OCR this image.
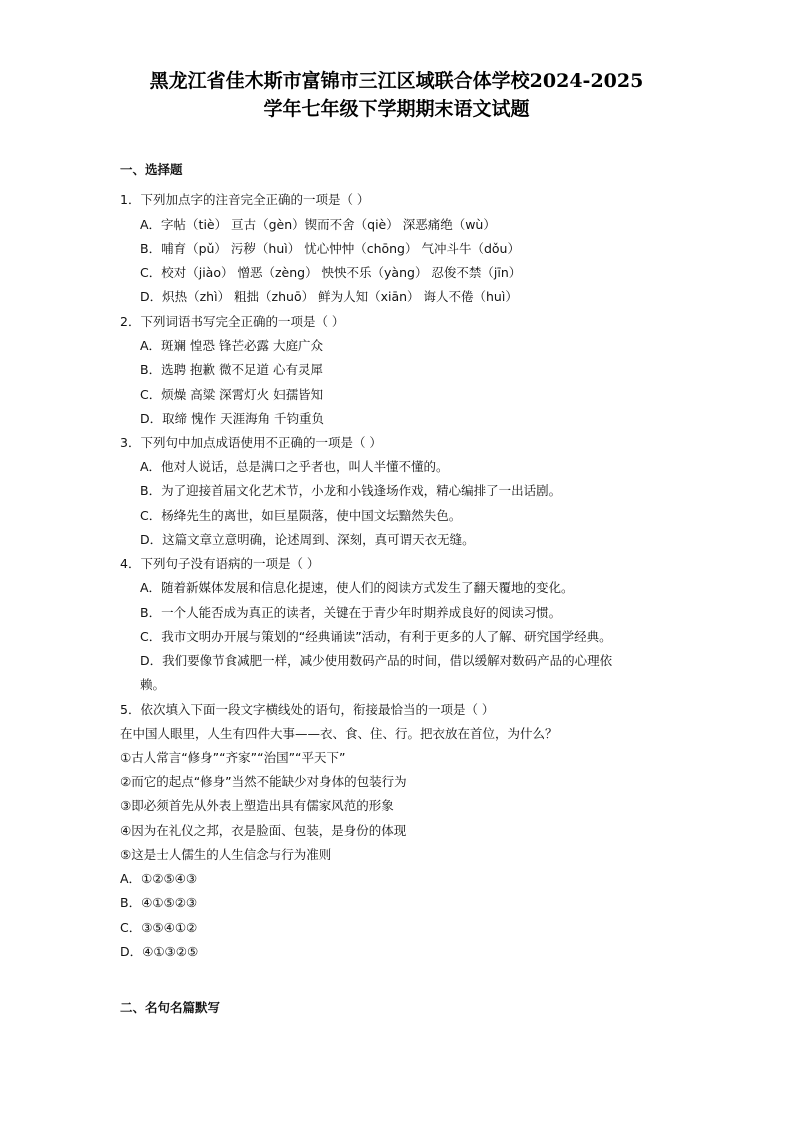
黑龙江省佳木斯市富锦市三江区域联合体学校2024-2025
学年七年级下学期期末语文试题
一、选择题
1．下列加点字的注音完全正确的一项是（ ）
A．字帖（tiè） 亘古（gèn）锲而不舍（qiè） 深恶痛绝（wù）
B．哺育（pǔ） 污秽（huì） 忧心忡忡（chōng） 气冲斗牛（dǒu）
C．校对（jiào） 憎恶（zèng） 怏怏不乐（yàng） 忍俊不禁（jīn）
D．炽热（zhì） 粗拙（zhuō） 鲜为人知（xiān） 诲人不倦（huì）
2．下列词语书写完全正确的一项是（ ）
A．斑斓 惶恐 锋芒必露 大庭广众
B．选聘 抱歉 微不足道 心有灵犀
C．烦燥 高粱 深霄灯火 妇孺皆知
D．取缔 愧作 天涯海角 千钧重负
3．下列句中加点成语使用不正确的一项是（ ）
A．他对人说话，总是满口之乎者也，叫人半懂不懂的。
B．为了迎接首届文化艺术节，小龙和小钱逢场作戏，精心编排了一出话剧。
C．杨绛先生的离世，如巨星陨落，使中国文坛黯然失色。
D．这篇文章立意明确，论述周到、深刻，真可谓天衣无缝。
4．下列句子没有语病的一项是（ ）
A．随着新媒体发展和信息化提速，使人们的阅读方式发生了翻天覆地的变化。
B．一个人能否成为真正的读者，关键在于青少年时期养成良好的阅读习惯。
C．我市文明办开展与策划的“经典诵读”活动，有利于更多的人了解、研究国学经典。
D．我们要像节食减肥一样，减少使用数码产品的时间，借以缓解对数码产品的心理依
赖。
5．依次填入下面一段文字横线处的语句，衔接最恰当的一项是（ ）
在中国人眼里，人生有四件大事——衣、食、住、行。把衣放在首位，为什么？
①古人常言“修身”“齐家”“治国”“平天下”
②而它的起点“修身”当然不能缺少对身体的包装行为
③即必须首先从外表上塑造出具有儒家风范的形象
④因为在礼仪之邦，衣是脸面、包装，是身份的体现
⑤这是士人儒生的人生信念与行为准则
A．①②⑤④③
B．④①⑤②③
C．③⑤④①②
D．④①③②⑤
二、名句名篇默写
